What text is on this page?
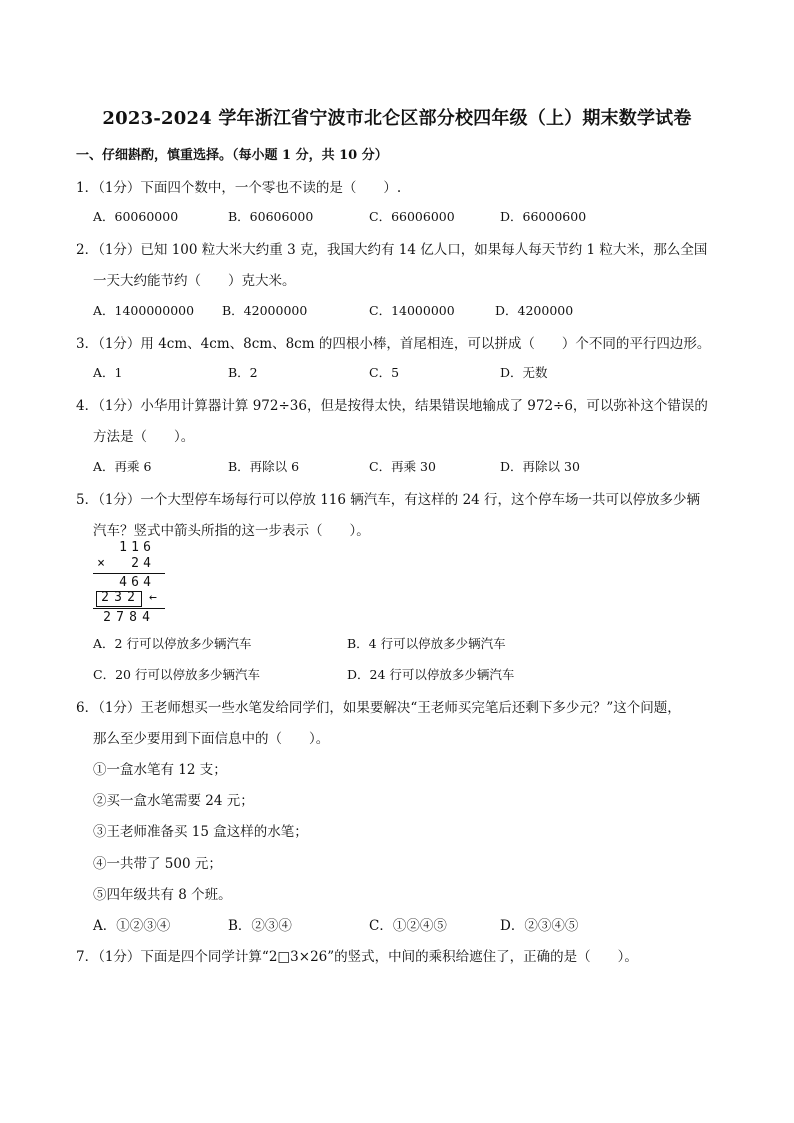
2023-2024 学年浙江省宁波市北仑区部分校四年级（上）期末数学试卷
一、仔细斟酌，慎重选择。（每小题 1 分，共 10 分）
1．（1分）下面四个数中，一个零也不读的是（　　）.
A．60060000	B．60606000	C．66006000	D．66000600
2．（1分）已知 100 粒大米大约重 3 克，我国大约有 14 亿人口，如果每人每天节约 1 粒大米，那么全国
一天大约能节约（　　）克大米。
A．1400000000 B．42000000	C．14000000	D．4200000
3．（1分）用 4cm、4cm、8cm、8cm 的四根小棒，首尾相连，可以拼成（　　）个不同的平行四边形。
A．1	B．2	C．5	D．无数
4．（1分）小华用计算器计算 972÷36，但是按得太快，结果错误地输成了 972÷6，可以弥补这个错误的
方法是（　　）。
A．再乘 6	B．再除以 6	C．再乘 30	D．再除以 30
5．（1分）一个大型停车场每行可以停放 116 辆汽车，有这样的 24 行，这个停车场一共可以停放多少辆
汽车？竖式中箭头所指的这一步表示（　　）。
1 1 6
× 2 4
4 6 4
2 3 2 ←
2 7 8 4
A．2 行可以停放多少辆汽车	B．4 行可以停放多少辆汽车
C．20 行可以停放多少辆汽车	D．24 行可以停放多少辆汽车
6．（1分）王老师想买一些水笔发给同学们，如果要解决“王老师买完笔后还剩下多少元？”这个问题，
那么至少要用到下面信息中的（　　）。
①一盒水笔有 12 支；
②买一盒水笔需要 24 元；
③王老师准备买 15 盒这样的水笔；
④一共带了 500 元；
⑤四年级共有 8 个班。
A．①②③④	B．②③④	C．①②④⑤	D．②③④⑤
7．（1分）下面是四个同学计算“2□3×26”的竖式，中间的乘积给遮住了，正确的是（　　）。
